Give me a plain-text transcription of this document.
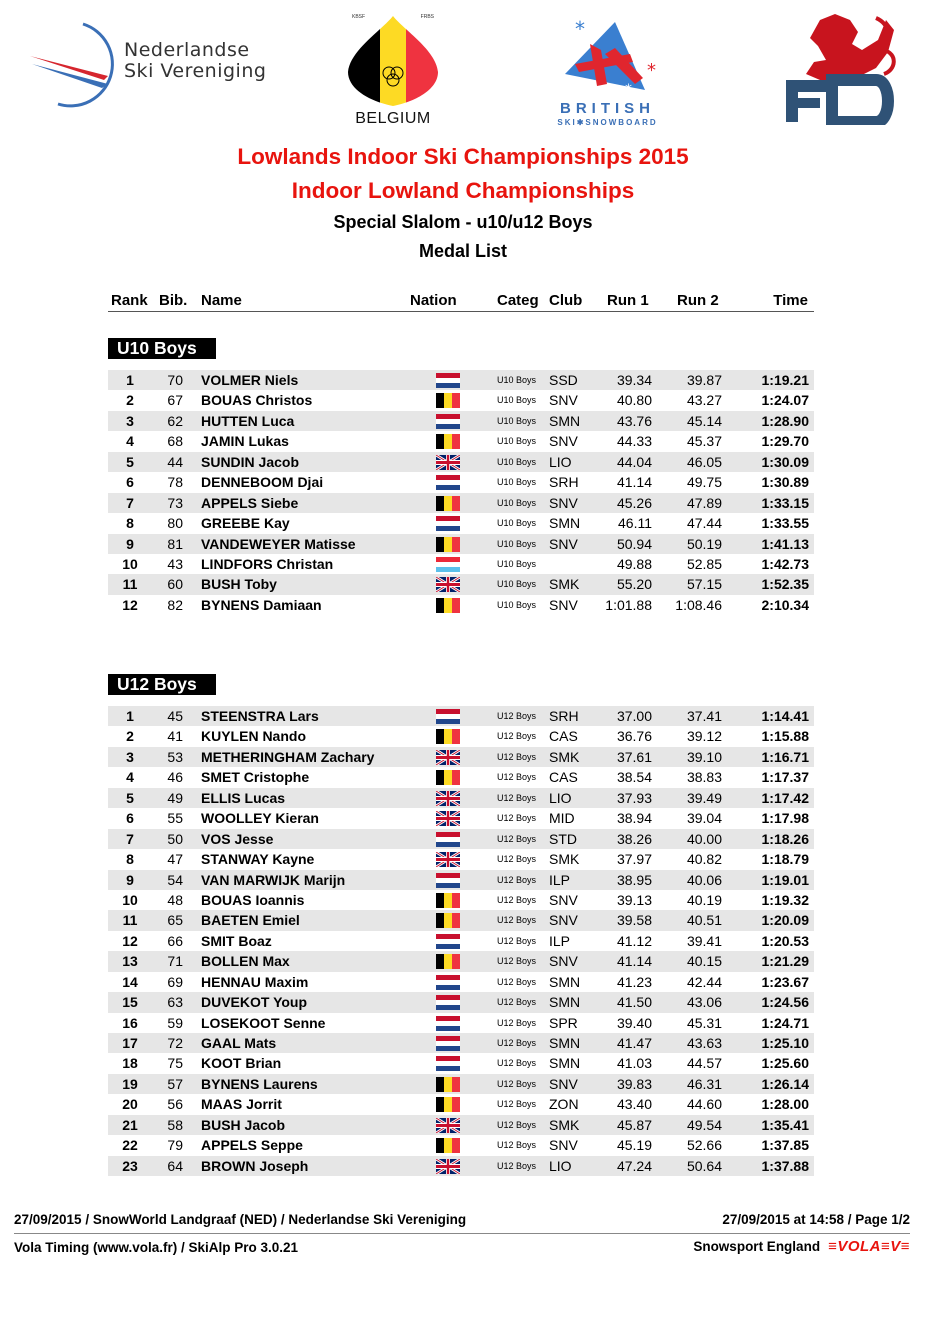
Nederlandse
Ski Vereniging
KBSF	FRBS
BELGIUM
*
*
*
BRITISH
SKI✱SNOWBOARD
Lowlands Indoor Ski Championships 2015
Indoor Lowland Championships
Special Slalom - u10/u12 Boys
Medal List
Rank Bib. Name	Nation	Categ Club Run 1 Run 2	Time
U10 Boys
1	70 VOLMER Niels	U10 Boys SSD	39.34	39.87	1:19.21
2	67 BOUAS Christos	U10 Boys SNV	40.80	43.27	1:24.07
3	62 HUTTEN Luca	U10 Boys SMN	43.76	45.14	1:28.90
4	68 JAMIN Lukas	U10 Boys SNV	44.33	45.37	1:29.70
5	44 SUNDIN Jacob	U10 Boys LIO	44.04	46.05	1:30.09
6	78 DENNEBOOM Djai	U10 Boys SRH	41.14	49.75	1:30.89
7	73 APPELS Siebe	U10 Boys SNV	45.26	47.89	1:33.15
8	80 GREEBE Kay	U10 Boys SMN	46.11	47.44	1:33.55
9	81 VANDEWEYER Matisse	U10 Boys SNV	50.94	50.19	1:41.13
10	43 LINDFORS Christan	U10 Boys	49.88	52.85	1:42.73
11	60 BUSH Toby	U10 Boys SMK	55.20	57.15	1:52.35
12	82 BYNENS Damiaan	U10 Boys SNV	1:01.88	1:08.46	2:10.34
U12 Boys
1	45 STEENSTRA Lars	U12 Boys SRH	37.00	37.41	1:14.41
2	41 KUYLEN Nando	U12 Boys CAS	36.76	39.12	1:15.88
3	53 METHERINGHAM Zachary	U12 Boys SMK	37.61	39.10	1:16.71
4	46 SMET Cristophe	U12 Boys CAS	38.54	38.83	1:17.37
5	49 ELLIS Lucas	U12 Boys LIO	37.93	39.49	1:17.42
6	55 WOOLLEY Kieran	U12 Boys MID	38.94	39.04	1:17.98
7	50 VOS Jesse	U12 Boys STD	38.26	40.00	1:18.26
8	47 STANWAY Kayne	U12 Boys SMK	37.97	40.82	1:18.79
9	54 VAN MARWIJK Marijn	U12 Boys ILP	38.95	40.06	1:19.01
10	48 BOUAS Ioannis	U12 Boys SNV	39.13	40.19	1:19.32
11	65 BAETEN Emiel	U12 Boys SNV	39.58	40.51	1:20.09
12	66 SMIT Boaz	U12 Boys ILP	41.12	39.41	1:20.53
13	71 BOLLEN Max	U12 Boys SNV	41.14	40.15	1:21.29
14	69 HENNAU Maxim	U12 Boys SMN	41.23	42.44	1:23.67
15	63 DUVEKOT Youp	U12 Boys SMN	41.50	43.06	1:24.56
16	59 LOSEKOOT Senne	U12 Boys SPR	39.40	45.31	1:24.71
17	72 GAAL Mats	U12 Boys SMN	41.47	43.63	1:25.10
18	75 KOOT Brian	U12 Boys SMN	41.03	44.57	1:25.60
19	57 BYNENS Laurens	U12 Boys SNV	39.83	46.31	1:26.14
20	56 MAAS Jorrit	U12 Boys ZON	43.40	44.60	1:28.00
21	58 BUSH Jacob	U12 Boys SMK	45.87	49.54	1:35.41
22	79 APPELS Seppe	U12 Boys SNV	45.19	52.66	1:37.85
23	64 BROWN Joseph	U12 Boys LIO	47.24	50.64	1:37.88
27/09/2015 / SnowWorld Landgraaf (NED) / Nederlandse Ski Vereniging	27/09/2015 at 14:58 / Page 1/2
Vola Timing (www.vola.fr) / SkiAlp Pro 3.0.21	Snowsport England ≡VOLA≡V≡
